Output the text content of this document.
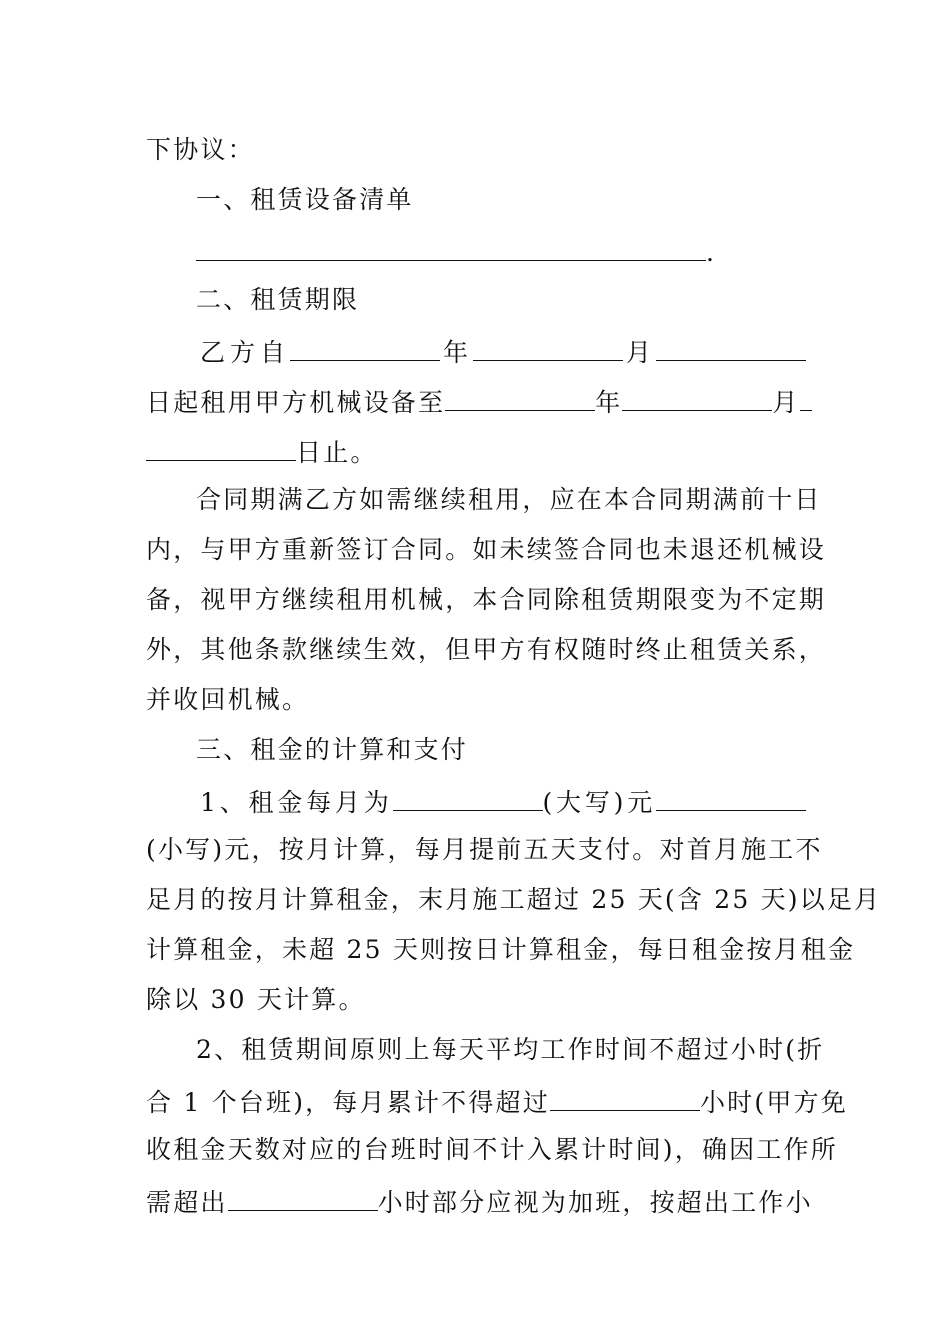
下协议：
一、租赁设备清单
.
二、租赁期限
乙方自	年	月
日起租用甲方机械设备至	年	月
日止。
合同期满乙方如需继续租用，应在本合同期满前十日
内，与甲方重新签订合同。如未续签合同也未退还机械设
备，视甲方继续租用机械，本合同除租赁期限变为不定期
外，其他条款继续生效，但甲方有权随时终止租赁关系，
并收回机械。
三、租金的计算和支付
1、租金每月为	(大写)元
(小写)元，按月计算，每月提前五天支付。对首月施工不
足月的按月计算租金，末月施工超过 25 天(含 25 天)以足月
计算租金，未超 25 天则按日计算租金，每日租金按月租金
除以 30 天计算。
2、租赁期间原则上每天平均工作时间不超过小时(折
合 1 个台班)，每月累计不得超过	小时(甲方免
收租金天数对应的台班时间不计入累计时间)，确因工作所
需超出	小时部分应视为加班，按超出工作小
